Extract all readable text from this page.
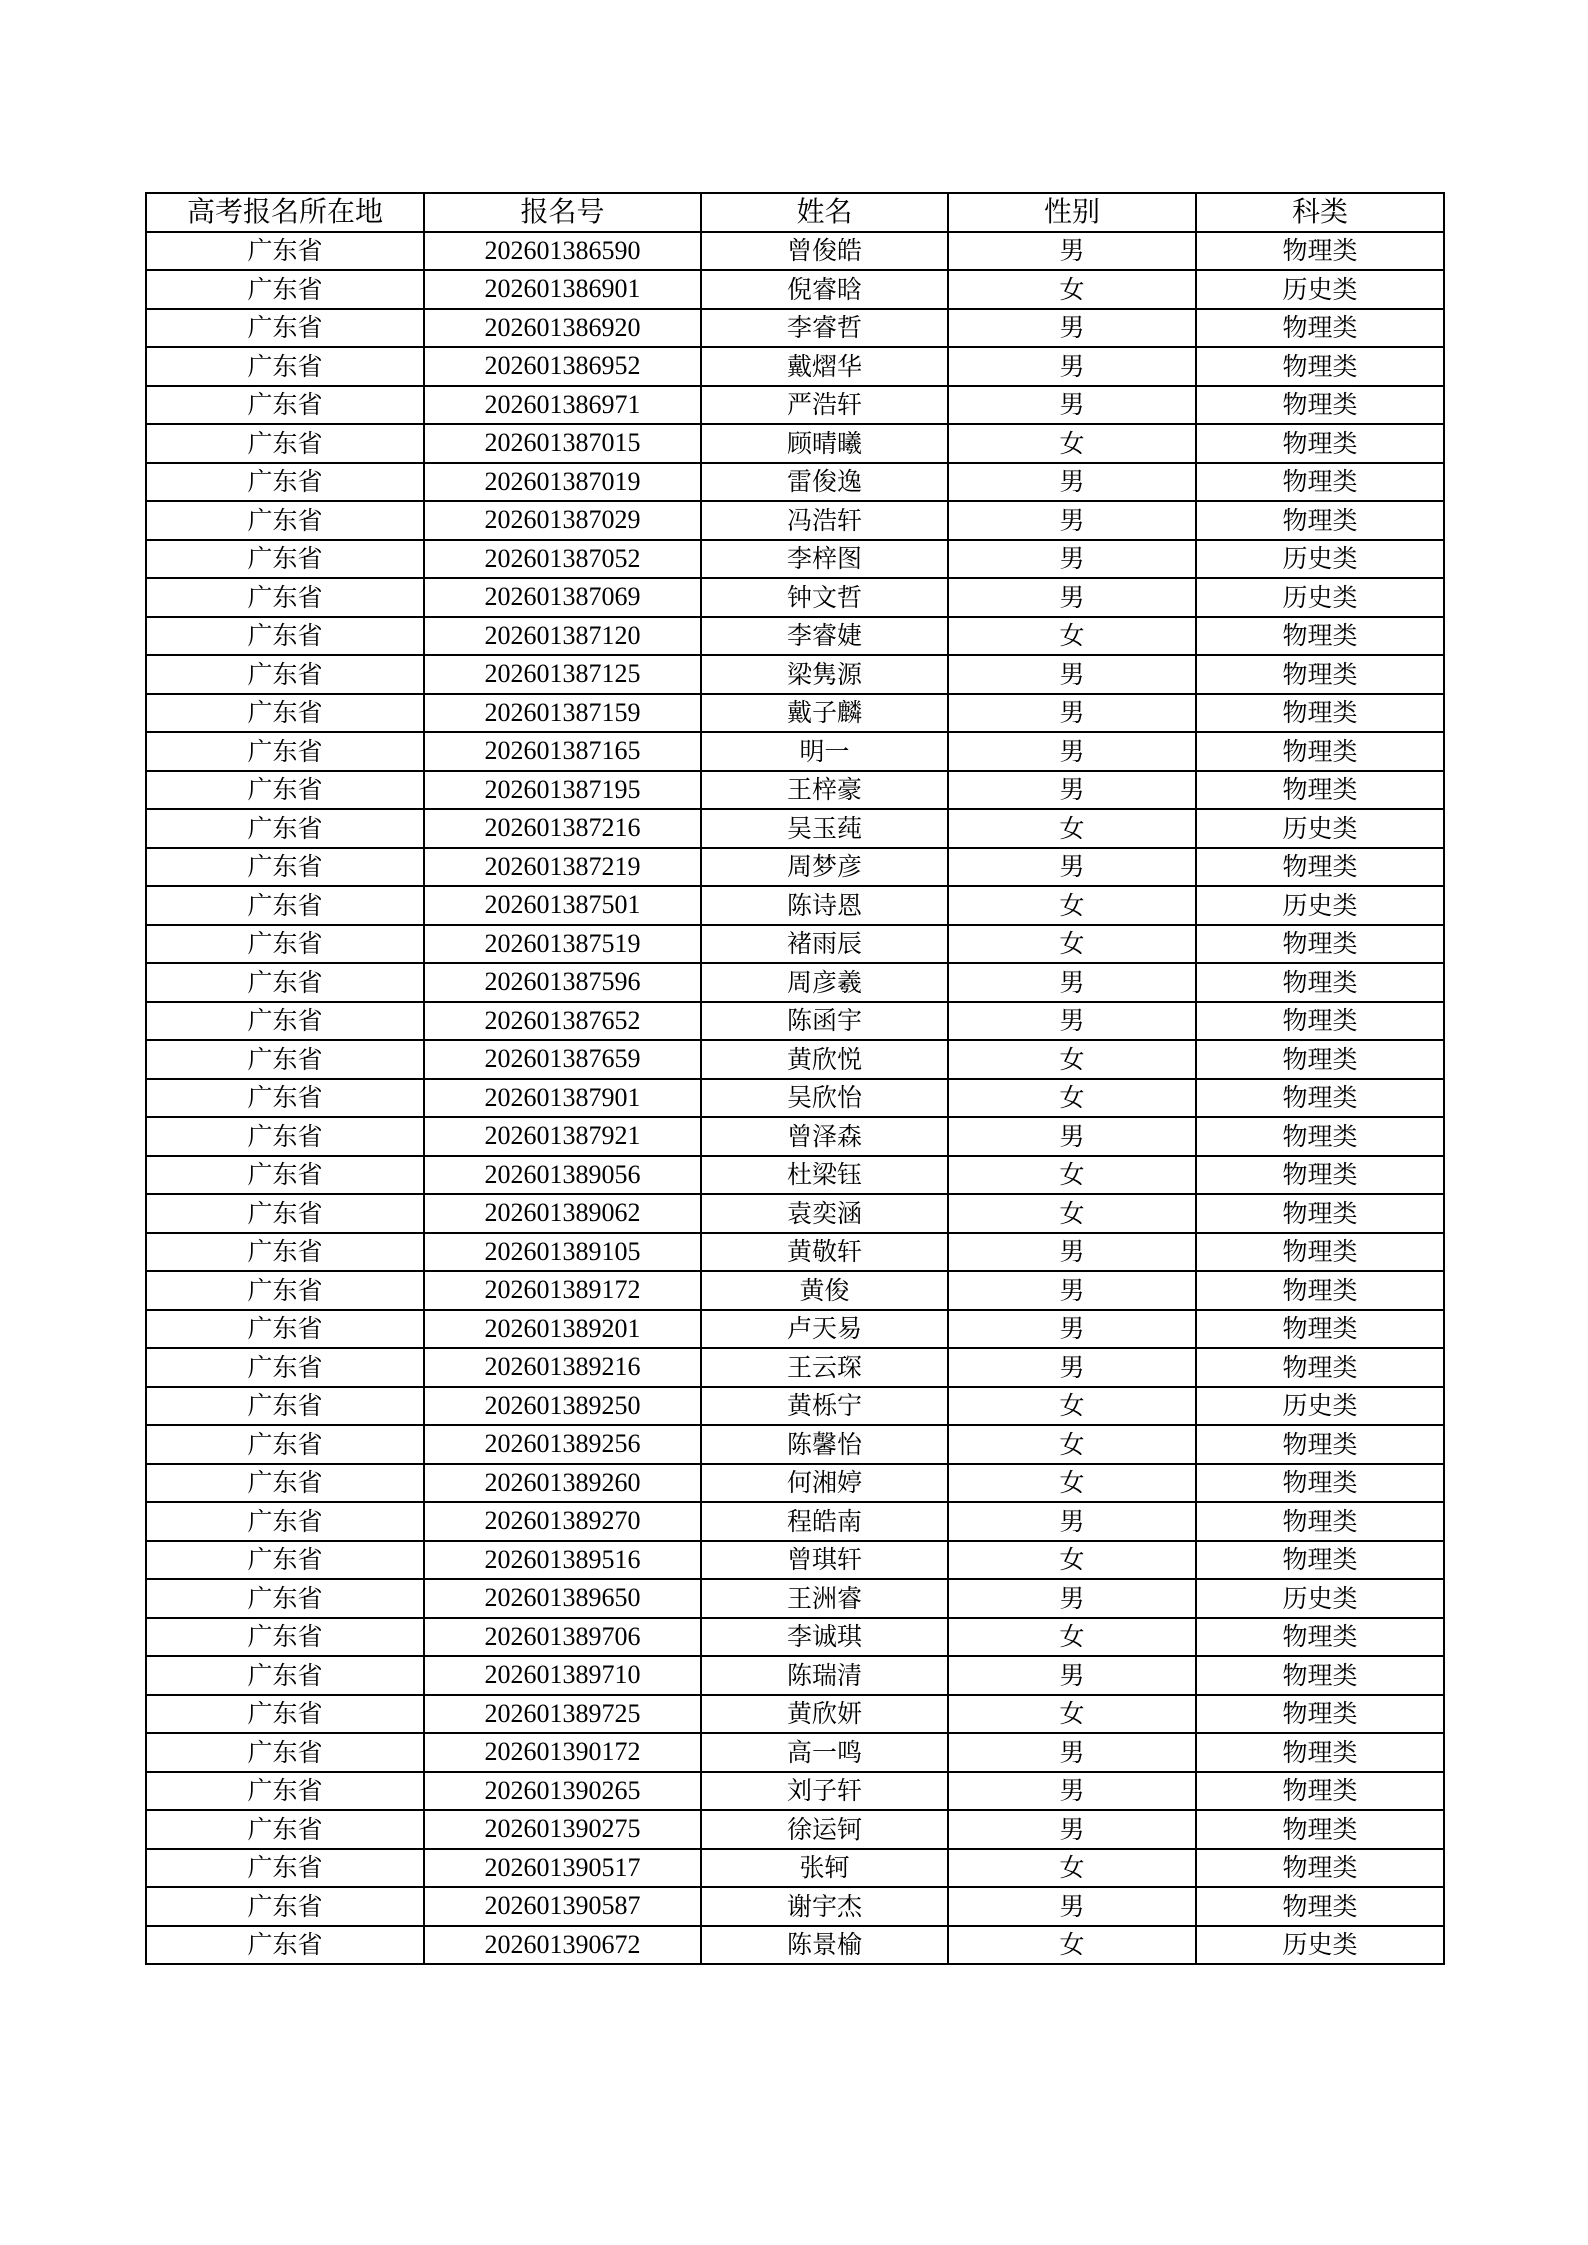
高考报名所在地	报名号	姓名	性别	科类
广东省	202601386590	曾俊皓	男	物理类
广东省	202601386901	倪睿晗	女	历史类
广东省	202601386920	李睿哲	男	物理类
广东省	202601386952	戴熠华	男	物理类
广东省	202601386971	严浩轩	男	物理类
广东省	202601387015	顾晴曦	女	物理类
广东省	202601387019	雷俊逸	男	物理类
广东省	202601387029	冯浩轩	男	物理类
广东省	202601387052	李梓图	男	历史类
广东省	202601387069	钟文哲	男	历史类
广东省	202601387120	李睿婕	女	物理类
广东省	202601387125	梁隽源	男	物理类
广东省	202601387159	戴子麟	男	物理类
广东省	202601387165	明一	男	物理类
广东省	202601387195	王梓豪	男	物理类
广东省	202601387216	吴玉莼	女	历史类
广东省	202601387219	周梦彦	男	物理类
广东省	202601387501	陈诗恩	女	历史类
广东省	202601387519	褚雨辰	女	物理类
广东省	202601387596	周彦羲	男	物理类
广东省	202601387652	陈函宇	男	物理类
广东省	202601387659	黄欣悦	女	物理类
广东省	202601387901	吴欣怡	女	物理类
广东省	202601387921	曾泽森	男	物理类
广东省	202601389056	杜梁钰	女	物理类
广东省	202601389062	袁奕涵	女	物理类
广东省	202601389105	黄敬轩	男	物理类
广东省	202601389172	黄俊	男	物理类
广东省	202601389201	卢天易	男	物理类
广东省	202601389216	王云琛	男	物理类
广东省	202601389250	黄栎宁	女	历史类
广东省	202601389256	陈馨怡	女	物理类
广东省	202601389260	何湘婷	女	物理类
广东省	202601389270	程皓南	男	物理类
广东省	202601389516	曾琪轩	女	物理类
广东省	202601389650	王洲睿	男	历史类
广东省	202601389706	李诚琪	女	物理类
广东省	202601389710	陈瑞清	男	物理类
广东省	202601389725	黄欣妍	女	物理类
广东省	202601390172	高一鸣	男	物理类
广东省	202601390265	刘子轩	男	物理类
广东省	202601390275	徐运钶	男	物理类
广东省	202601390517	张轲	女	物理类
广东省	202601390587	谢宇杰	男	物理类
广东省	202601390672	陈景榆	女	历史类
